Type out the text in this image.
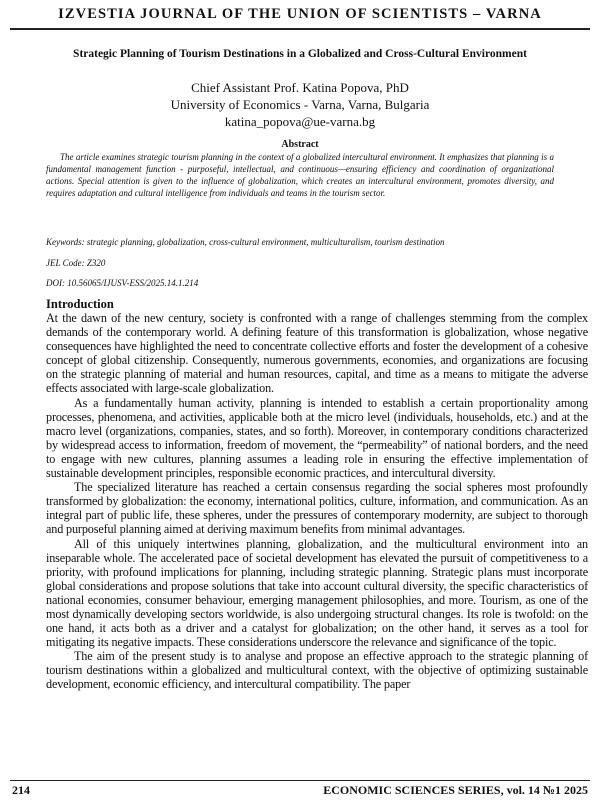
IZVESTIA JOURNAL OF THE UNION OF SCIENTISTS – VARNA
Strategic Planning of Tourism Destinations in a Globalized and Cross-Cultural Environment
Chief Assistant Prof. Katina Popova, PhD
University of Economics - Varna, Varna, Bulgaria
katina_popova@ue-varna.bg
Abstract
The article examines strategic tourism planning in the context of a globalized intercultural environment. It emphasizes that planning is a fundamental management function - purposeful, intellectual, and continuous—ensuring efficiency and coordination of organizational actions. Special attention is given to the influence of globalization, which creates an intercultural environment, promotes diversity, and requires adaptation and cultural intelligence from individuals and teams in the tourism sector.
Keywords: strategic planning, globalization, cross-cultural environment, multiculturalism, tourism destination
JEL Code: Z320
DOI: 10.56065/IJUSV-ESS/2025.14.1.214
Introduction

At the dawn of the new century, society is confronted with a range of challenges stemming from the complex demands of the contemporary world. A defining feature of this transformation is globalization, whose negative consequences have highlighted the need to concentrate collective efforts and foster the development of a cohesive concept of global citizenship. Consequently, numerous governments, economies, and organizations are focusing on the strategic planning of material and human resources, capital, and time as a means to mitigate the adverse effects associated with large-scale globalization.

As a fundamentally human activity, planning is intended to establish a certain proportionality among processes, phenomena, and activities, applicable both at the micro level (individuals, households, etc.) and at the macro level (organizations, companies, states, and so forth). Moreover, in contemporary conditions characterized by widespread access to information, freedom of movement, the “permeability” of national borders, and the need to engage with new cultures, planning assumes a leading role in ensuring the effective implementation of sustainable development principles, responsible economic practices, and intercultural diversity.

The specialized literature has reached a certain consensus regarding the social spheres most profoundly transformed by globalization: the economy, international politics, culture, information, and communication. As an integral part of public life, these spheres, under the pressures of contemporary modernity, are subject to thorough and purposeful planning aimed at deriving maximum benefits from minimal advantages.

All of this uniquely intertwines planning, globalization, and the multicultural environment into an inseparable whole. The accelerated pace of societal development has elevated the pursuit of competitiveness to a priority, with profound implications for planning, including strategic planning. Strategic plans must incorporate global considerations and propose solutions that take into account cultural diversity, the specific characteristics of national economies, consumer behaviour, emerging management philosophies, and more. Tourism, as one of the most dynamically developing sectors worldwide, is also undergoing structural changes. Its role is twofold: on the one hand, it acts both as a driver and a catalyst for globalization; on the other hand, it serves as a tool for mitigating its negative impacts. These considerations underscore the relevance and significance of the topic.

The aim of the present study is to analyse and propose an effective approach to the strategic planning of tourism destinations within a globalized and multicultural context, with the objective of optimizing sustainable development, economic efficiency, and intercultural compatibility. The paper

214	ECONOMIC SCIENCES SERIES, vol. 14 №1 2025
